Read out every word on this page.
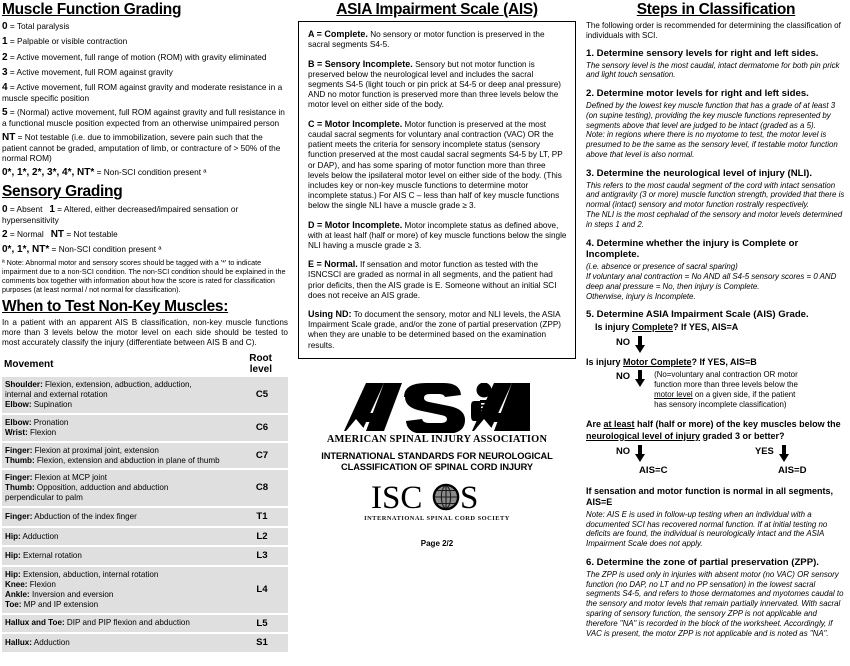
Muscle Function Grading
0 = Total paralysis
1 = Palpable or visible contraction
2 = Active movement, full range of motion (ROM) with gravity eliminated
3 = Active movement, full ROM against gravity
4 = Active movement, full ROM against gravity and moderate resistance in a muscle specific position
5 = (Normal) active movement, full ROM against gravity and full resistance in a functional muscle position expected from an otherwise unimpaired person
NT = Not testable (i.e. due to immobilization, severe pain such that the patient cannot be graded, amputation of limb, or contracture of > 50% of the normal ROM)
0*, 1*, 2*, 3*, 4*, NT* = Non-SCI condition present ª
Sensory Grading
0 = Absent 1 = Altered, either decreased/impaired sensation or hypersensitivity
2 = Normal NT = Not testable
0*, 1*, NT* = Non-SCI condition present ª
ª Note: Abnormal motor and sensory scores should be tagged with a '*' to indicate impairment due to a non-SCI condition. The non-SCI condition should be explained in the comments box together with information about how the score is rated for classification purposes (at least normal / not normal for classification).
When to Test Non-Key Muscles:
In a patient with an apparent AIS B classification, non-key muscle functions more than 3 levels below the motor level on each side should be tested to most accurately classify the injury (differentiate between AIS B and C).
Movement	Root level

Shoulder: Flexion, extension, adbuction, adduction,
internal and external rotation
Elbow: Supination	C5

Elbow: Pronation
Wrist: Flexion	C6

Finger: Flexion at proximal joint, extension
Thumb: Flexion, extension and abduction in plane of thumb	C7

Finger: Flexion at MCP joint
Thumb: Opposition, adduction and abduction
perpendicular to palm	C8

Finger: Abduction of the index finger	T1

Hip: Adduction	L2

Hip: External rotation	L3

Hip: Extension, abduction, internal rotation
Knee: Flexion
Ankle: Inversion and eversion
Toe: MP and IP extension	L4

Hallux and Toe: DIP and PIP flexion and abduction	L5

Hallux: Adduction	S1
ASIA Impairment Scale (AIS)
A = Complete. No sensory or motor function is preserved in the sacral segments S4-5.
B = Sensory Incomplete. Sensory but not motor function is preserved below the neurological level and includes the sacral segments S4-5 (light touch or pin prick at S4-5 or deep anal pressure) AND no motor function is preserved more than three levels below the motor level on either side of the body.
C = Motor Incomplete. Motor function is preserved at the most caudal sacral segments for voluntary anal contraction (VAC) OR the patient meets the criteria for sensory incomplete status (sensory function preserved at the most caudal sacral segments S4-5 by LT, PP or DAP), and has some sparing of motor function more than three levels below the ipsilateral motor level on either side of the body. (This includes key or non-key muscle functions to determine motor incomplete status.) For AIS C – less than half of key muscle functions below the single NLI have a muscle grade ≥ 3.
D = Motor Incomplete. Motor incomplete status as defined above, with at least half (half or more) of key muscle functions below the single NLI having a muscle grade ≥ 3.
E = Normal. If sensation and motor function as tested with the ISNCSCI are graded as normal in all segments, and the patient had prior deficits, then the AIS grade is E. Someone without an initial SCI does not receive an AIS grade.
Using ND: To document the sensory, motor and NLI levels, the ASIA Impairment Scale grade, and/or the zone of partial preservation (ZPP) when they are unable to be determined based on the examination results.
AMERICAN SPINAL INJURY ASSOCIATION
INTERNATIONAL STANDARDS FOR NEUROLOGICAL
CLASSIFICATION OF SPINAL CORD INJURY
ISC S
INTERNATIONAL SPINAL CORD SOCIETY
Page 2/2
Steps in Classification
The following order is recommended for determining the classification of individuals with SCI.
1. Determine sensory levels for right and left sides.
The sensory level is the most caudal, intact dermatome for both pin prick and light touch sensation.
2. Determine motor levels for right and left sides.
Defined by the lowest key muscle function that has a grade of at least 3 (on supine testing), providing the key muscle functions represented by segments above that level are judged to be intact (graded as a 5).
Note: in regions where there is no myotome to test, the motor level is presumed to be the same as the sensory level, if testable motor function above that level is also normal.
3. Determine the neurological level of injury (NLI).
This refers to the most caudal segment of the cord with intact sensation and antigravity (3 or more) muscle function strength, provided that there is normal (intact) sensory and motor function rostrally respectively.
The NLI is the most cephalad of the sensory and motor levels determined in steps 1 and 2.
4. Determine whether the injury is Complete or Incomplete.
(i.e. absence or presence of sacral sparing)
If voluntary anal contraction = No AND all S4-5 sensory scores = 0 AND deep anal pressure = No, then injury is Complete.
Otherwise, injury is Incomplete.
5. Determine ASIA Impairment Scale (AIS) Grade.
Is injury Complete? If YES, AIS=A
NO
Is injury Motor Complete? If YES, AIS=B
NO	(No=voluntary anal contraction OR motor function more than three levels below the motor level on a given side, if the patient has sensory incomplete classification)
Are at least half (half or more) of the key muscles below the neurological level of injury graded 3 or better?
NO
AIS=C
YES
AIS=D
If sensation and motor function is normal in all segments, AIS=E
Note: AIS E is used in follow-up testing when an individual with a documented SCI has recovered normal function. If at initial testing no deficits are found, the individual is neurologically intact and the ASIA Impairment Scale does not apply.
6. Determine the zone of partial preservation (ZPP).
The ZPP is used only in injuries with absent motor (no VAC) OR sensory function (no DAP, no LT and no PP sensation) in the lowest sacral segments S4-5, and refers to those dermatomes and myotomes caudal to the sensory and motor levels that remain partially innervated. With sacral sparing of sensory function, the sensory ZPP is not applicable and therefore "NA" is recorded in the block of the worksheet. Accordingly, if VAC is present, the motor ZPP is not applicable and is noted as "NA".
